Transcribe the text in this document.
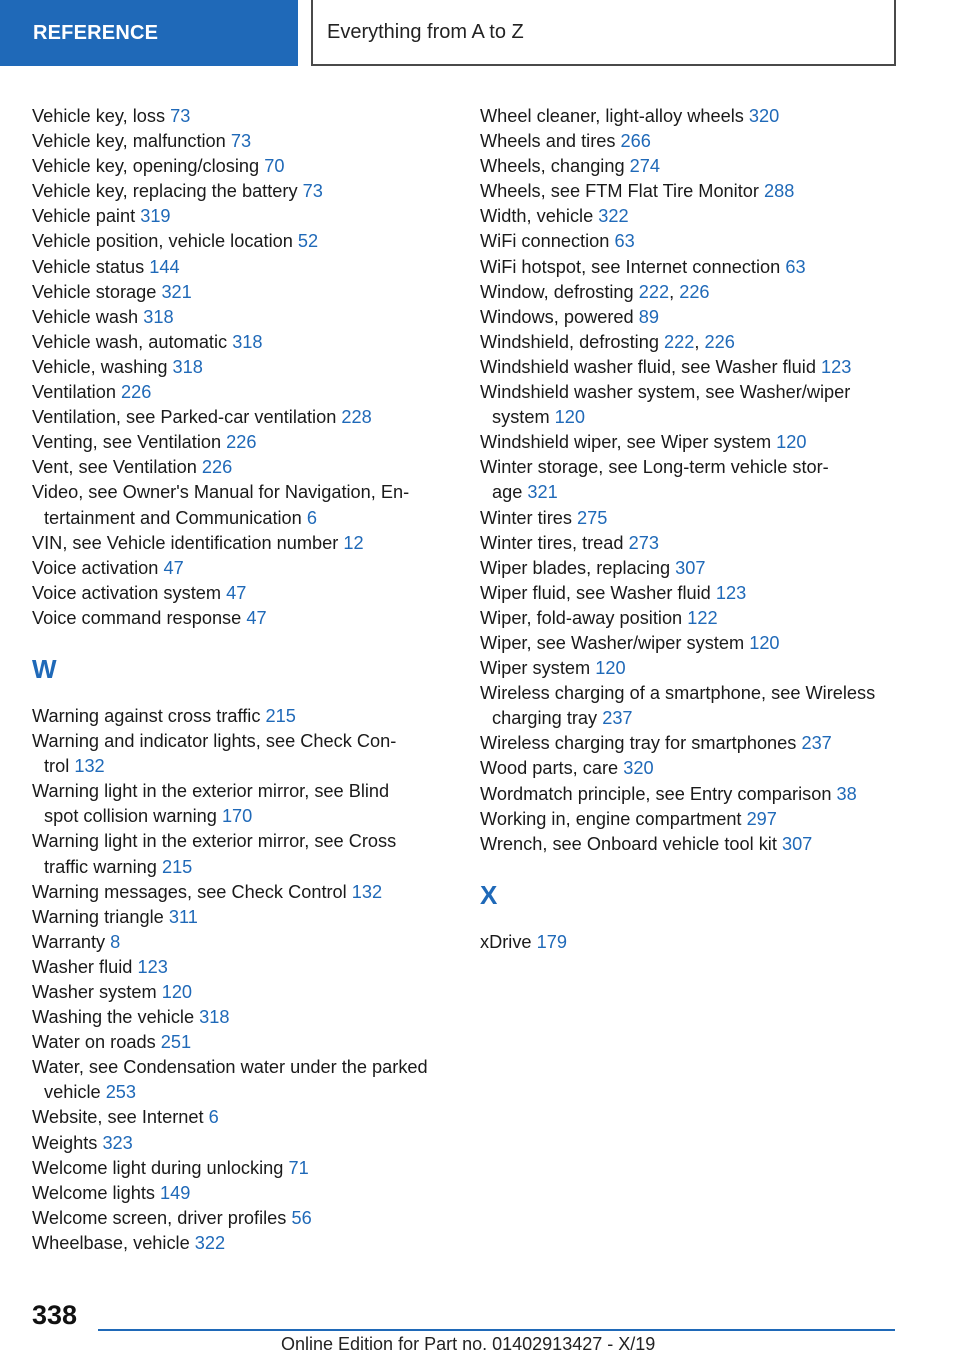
REFERENCE	Everything from A to Z
Vehicle key, loss 73
Vehicle key, malfunction 73
Vehicle key, opening/closing 70
Vehicle key, replacing the battery 73
Vehicle paint 319
Vehicle position, vehicle location 52
Vehicle status 144
Vehicle storage 321
Vehicle wash 318
Vehicle wash, automatic 318
Vehicle, washing 318
Ventilation 226
Ventilation, see Parked-car ventilation 228
Venting, see Ventilation 226
Vent, see Ventilation 226
Video, see Owner's Manual for Navigation, En-
tertainment and Communication 6
VIN, see Vehicle identification number 12
Voice activation 47
Voice activation system 47
Voice command response 47
W
Warning against cross traffic 215
Warning and indicator lights, see Check Con-
trol 132
Warning light in the exterior mirror, see Blind
spot collision warning 170
Warning light in the exterior mirror, see Cross
traffic warning 215
Warning messages, see Check Control 132
Warning triangle 311
Warranty 8
Washer fluid 123
Washer system 120
Washing the vehicle 318
Water on roads 251
Water, see Condensation water under the parked
vehicle 253
Website, see Internet 6
Weights 323
Welcome light during unlocking 71
Welcome lights 149
Welcome screen, driver profiles 56
Wheelbase, vehicle 322
Wheel cleaner, light-alloy wheels 320
Wheels and tires 266
Wheels, changing 274
Wheels, see FTM Flat Tire Monitor 288
Width, vehicle 322
WiFi connection 63
WiFi hotspot, see Internet connection 63
Window, defrosting 222, 226
Windows, powered 89
Windshield, defrosting 222, 226
Windshield washer fluid, see Washer fluid 123
Windshield washer system, see Washer/wiper
system 120
Windshield wiper, see Wiper system 120
Winter storage, see Long-term vehicle stor-
age 321
Winter tires 275
Winter tires, tread 273
Wiper blades, replacing 307
Wiper fluid, see Washer fluid 123
Wiper, fold-away position 122
Wiper, see Washer/wiper system 120
Wiper system 120
Wireless charging of a smartphone, see Wireless
charging tray 237
Wireless charging tray for smartphones 237
Wood parts, care 320
Wordmatch principle, see Entry comparison 38
Working in, engine compartment 297
Wrench, see Onboard vehicle tool kit 307
X
xDrive 179
338
Online Edition for Part no. 01402913427 - X/19
